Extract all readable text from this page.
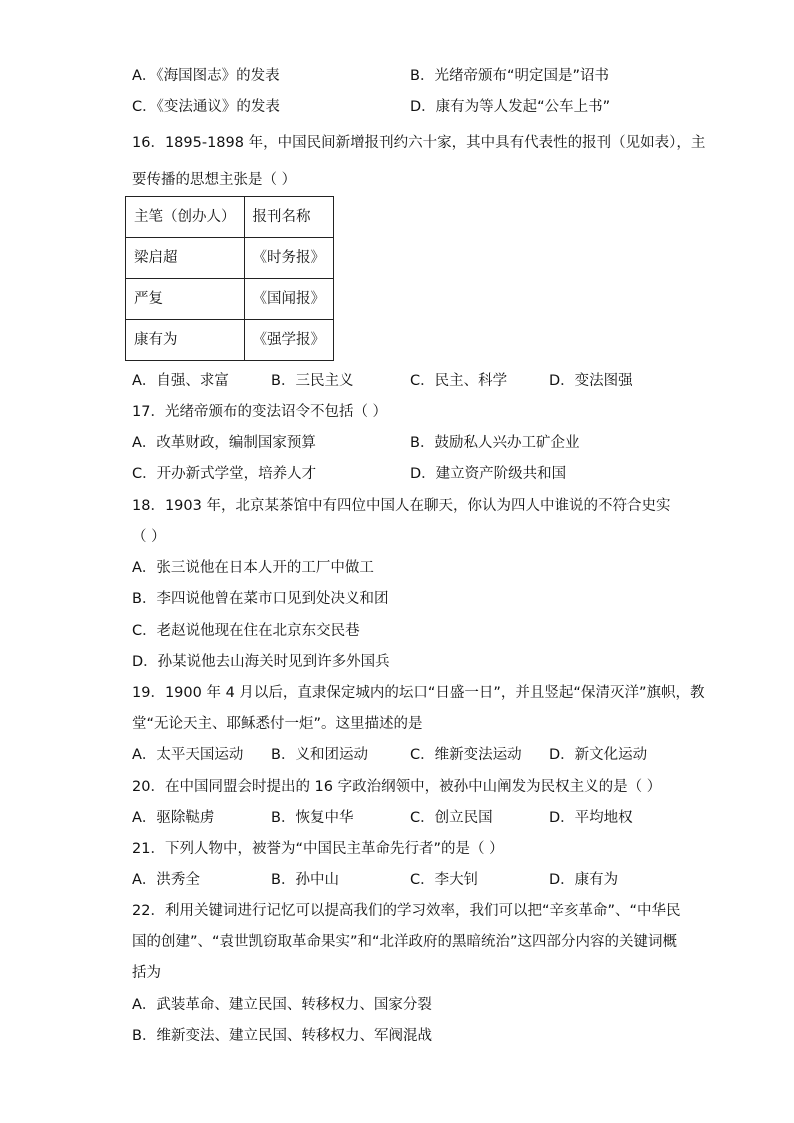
A．《海国图志》的发表	B．光绪帝颁布“明定国是”诏书
C．《变法通议》的发表	D．康有为等人发起“公车上书”
16．1895-1898 年，中国民间新增报刊约六十家，其中具有代表性的报刊（见如表），主
要传播的思想主张是（ ）
主笔（创办人）	报刊名称
梁启超	《时务报》
严复	《国闻报》
康有为	《强学报》
A．自强、求富	B．三民主义	C．民主、科学	D．变法图强
17．光绪帝颁布的变法诏令不包括（ ）
A．改革财政，编制国家预算	B．鼓励私人兴办工矿企业
C．开办新式学堂，培养人才	D．建立资产阶级共和国
18．1903 年，北京某茶馆中有四位中国人在聊天，你认为四人中谁说的不符合史实
（ ）
A．张三说他在日本人开的工厂中做工
B．李四说他曾在菜市口见到处决义和团
C．老赵说他现在住在北京东交民巷
D．孙某说他去山海关时见到许多外国兵
19．1900 年 4 月以后，直隶保定城内的坛口“日盛一日”，并且竖起“保清灭洋”旗帜，教
堂“无论天主、耶稣悉付一炬”。这里描述的是
A．太平天国运动 B．义和团运动	C．维新变法运动 D．新文化运动
20．在中国同盟会时提出的 16 字政治纲领中，被孙中山阐发为民权主义的是（ ）
A．驱除鞑虏	B．恢复中华	C．创立民国	D．平均地权
21．下列人物中，被誉为“中国民主革命先行者”的是（ ）
A．洪秀全	B．孙中山	C．李大钊	D．康有为
22．利用关键词进行记忆可以提高我们的学习效率，我们可以把“辛亥革命”、“中华民
国的创建”、“袁世凯窃取革命果实”和“北洋政府的黑暗统治”这四部分内容的关键词概
括为
A．武装革命、建立民国、转移权力、国家分裂
B．维新变法、建立民国、转移权力、军阀混战
